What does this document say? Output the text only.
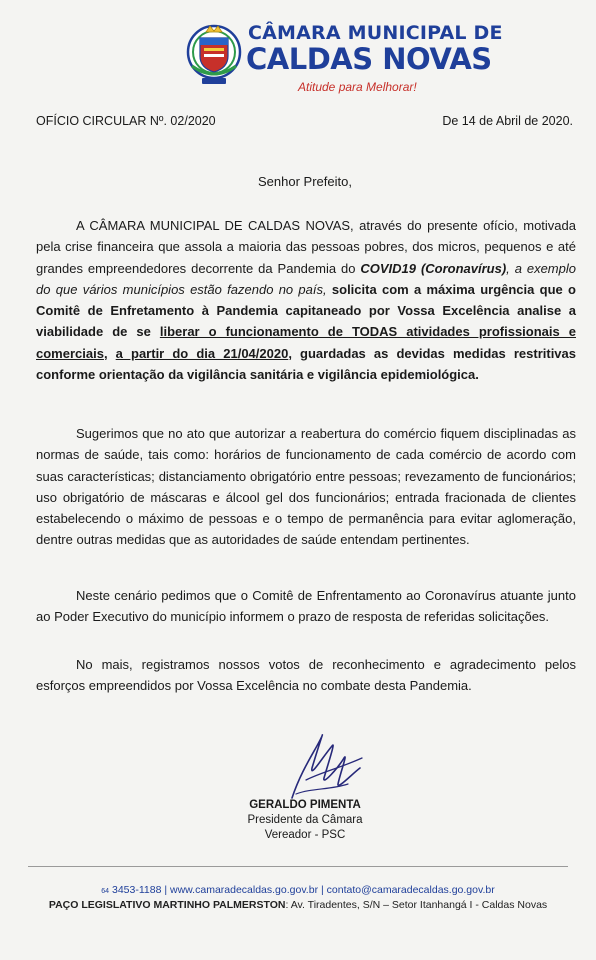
CÂMARA MUNICIPAL DE
CALDAS NOVAS
Atitude para Melhorar!
OFÍCIO CIRCULAR Nº. 02/2020	De 14 de Abril de 2020.
Senhor Prefeito,

A CÂMARA MUNICIPAL DE CALDAS NOVAS, através do presente ofício, motivada pela crise financeira que assola a maioria das pessoas pobres, dos micros, pequenos e até grandes empreendedores decorrente da Pandemia do COVID19 (Coronavírus), a exemplo do que vários municípios estão fazendo no país, solicita com a máxima urgência que o Comitê de Enfretamento à Pandemia capitaneado por Vossa Excelência analise a viabilidade de se liberar o funcionamento de TODAS atividades profissionais e comerciais, a partir do dia 21/04/2020, guardadas as devidas medidas restritivas conforme orientação da vigilância sanitária e vigilância epidemiológica.

Sugerimos que no ato que autorizar a reabertura do comércio fiquem disciplinadas as normas de saúde, tais como: horários de funcionamento de cada comércio de acordo com suas características; distanciamento obrigatório entre pessoas; revezamento de funcionários; uso obrigatório de máscaras e álcool gel dos funcionários; entrada fracionada de clientes estabelecendo o máximo de pessoas e o tempo de permanência para evitar aglomeração, dentre outras medidas que as autoridades de saúde entendam pertinentes.

Neste cenário pedimos que o Comitê de Enfrentamento ao Coronavírus atuante junto ao Poder Executivo do município informem o prazo de resposta de referidas solicitações.

No mais, registramos nossos votos de reconhecimento e agradecimento pelos esforços empreendidos por Vossa Excelência no combate desta Pandemia.

GERALDO PIMENTA
Presidente da Câmara
Vereador - PSC
64 3453-1188 | www.camaradecaldas.go.gov.br | contato@camaradecaldas.go.gov.br
PAÇO LEGISLATIVO MARTINHO PALMERSTON: Av. Tiradentes, S/N – Setor Itanhangá I - Caldas Novas
